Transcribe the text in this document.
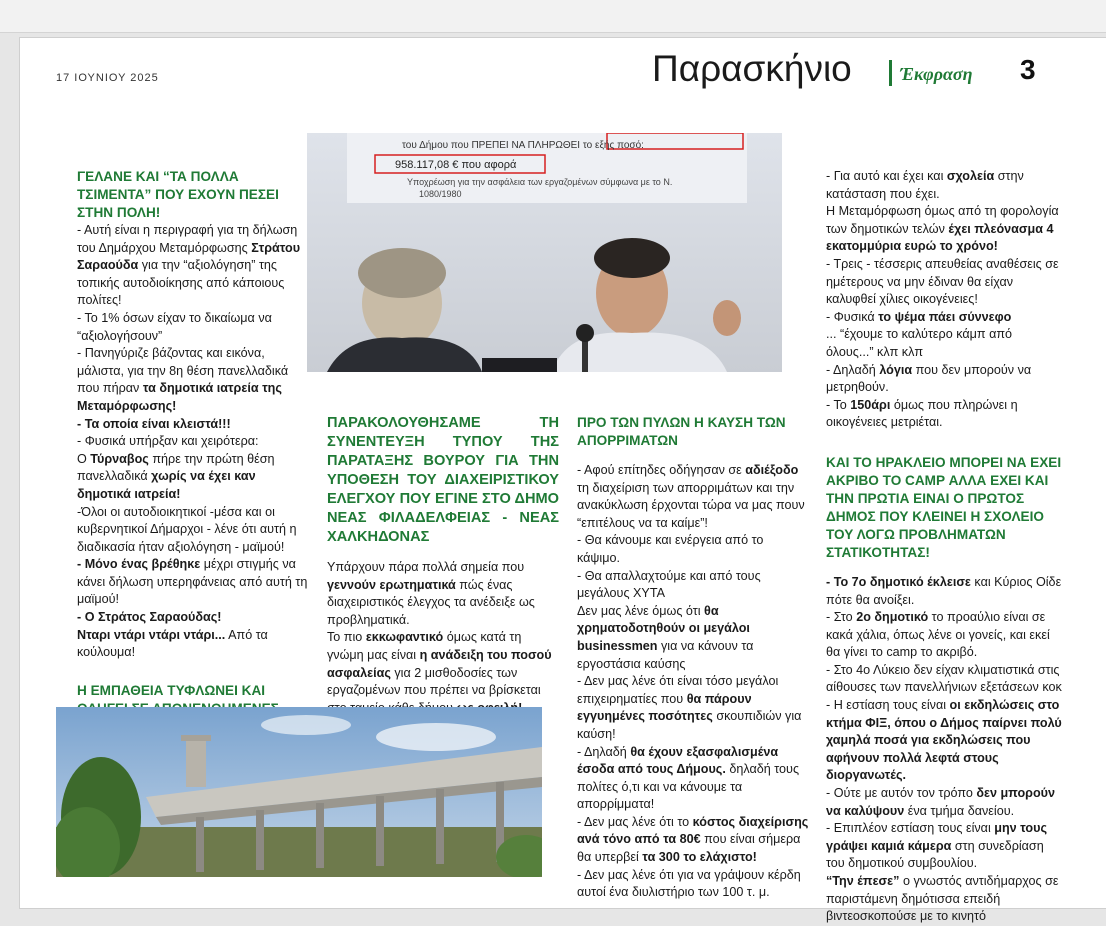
17 ΙΟΥΝΙΟΥ 2025	Παρασκήνιο	Έκφραση 3

ΓΕΛΑΝΕ ΚΑΙ “ΤΑ ΠΟΛΛΑ ΤΣΙΜΕΝΤΑ” ΠΟΥ ΕΧΟΥΝ ΠΕΣΕΙ ΣΤΗΝ ΠΟΛΗ!

- Αυτή είναι η περιγραφή για τη δήλωση του Δημάρχου Μεταμόρφωσης Στράτου Σαραούδα για την “αξιολόγηση” της τοπικής αυτοδιοίκησης από κάποιους πολίτες!

- Το 1% όσων είχαν το δικαίωμα να “αξιολογήσουν”

- Πανηγύριζε βάζοντας και εικόνα, μάλιστα, για την 8η θέση πανελλαδικά που πήραν τα δημοτικά ιατρεία της Μεταμόρφωσης!

- Τα οποία είναι κλειστά!!!

- Φυσικά υπήρξαν και χειρότερα:

Ο Τύρναβος πήρε την πρώτη θέση πανελλαδικά χωρίς να έχει καν δημοτικά ιατρεία!

-Όλοι οι αυτοδιοικητικοί -μέσα και οι κυβερνητικοί Δήμαρχοι - λένε ότι αυτή η διαδικασία ήταν αξιολόγηση - μαϊμού!

- Μόνο ένας βρέθηκε μέχρι στιγμής να κάνει δήλωση υπερηφάνειας από αυτή τη μαϊμού!

- Ο Στράτος Σαραούδας!

Νταρι ντάρι ντάρι ντάρι... Από τα κούλουμα!

Η ΕΜΠΑΘΕΙΑ ΤΥΦΛΩΝΕΙ ΚΑΙ

του Δήμου που ΠΡΕΠΕΙ ΝΑ ΠΛΗΡΩΘΕΙ το εξής ποσό:
958.117,08 € που αφορά
Υποχρέωση για την ασφάλεια των εργαζομένων σύμφωνα με το Ν.
1080/1980

ΠΑΡΑΚΟΛΟΥΘΗΣΑΜΕ ΤΗ ΣΥΝΕΝΤΕΥΞΗ ΤΥΠΟΥ ΤΗΣ ΠΑΡΑΤΑΞΗΣ ΒΟΥΡΟΥ ΓΙΑ ΤΗΝ ΥΠΟΘΕΣΗ ΤΟΥ ΔΙΑΧΕΙΡΙΣΤΙΚΟΥ ΕΛΕΓΧΟΥ ΠΟΥ ΕΓΙΝΕ ΣΤΟ ΔΗΜΟ ΝΕΑΣ ΦΙΛΑΔΕΛΦΕΙΑΣ - ΝΕΑΣ ΧΑΛΚΗΔΟΝΑΣ

Υπάρχουν πάρα πολλά σημεία που γεννούν ερωτηματικά πώς ένας διαχειριστικός έλεγχος τα ανέδειξε ως προβληματικά.

Το πιο εκκωφαντικό όμως κατά τη γνώμη μας είναι η ανάδειξη του ποσού ασφαλείας για 2 μισθοδοσίες των εργαζομένων που πρέπει να βρίσκεται

ΠΡΟ ΤΩΝ ΠΥΛΩΝ Η ΚΑΥΣΗ ΤΩΝ ΑΠΟΡΡΙΜΑΤΩΝ

- Αφού επίτηδες οδήγησαν σε αδιέξοδο τη διαχείριση των απορριμάτων και την ανακύκλωση έρχονται τώρα να μας πουν “επιτέλους να τα καίμε”!

- Θα κάνουμε και ενέργεια από το κάψιμο.

- Θα απαλλαχτούμε και από τους μεγάλους ΧΥΤΑ

Δεν μας λένε όμως ότι θα χρηματοδοτηθούν οι μεγάλοι businessmen για να κάνουν τα εργοστάσια καύσης

- Δεν μας λένε ότι είναι τόσο μεγάλοι επιχειρηματίες που θα πάρουν εγγυημένες ποσότητες σκουπιδιών για καύση!

- Δηλαδή θα έχουν εξασφαλισμένα έσοδα από τους Δήμους. δηλαδή τους πολίτες ό,τι και να κάνουμε τα απορρίμματα!

- Δεν μας λένε ότι το κόστος διαχείρισης ανά τόνο από τα 80€ που είναι σήμερα θα υπερβεί τα 300 το ελάχιστο!

- Δεν μας λένε ότι για να γράψουν κέρδη αυτοί ένα διυλιστήριο των 100 τ. μ.

- Για αυτό και έχει και σχολεία στην κατάσταση που έχει.

Η Μεταμόρφωση όμως από τη φορολογία των δημοτικών τελών έχει πλεόνασμα 4 εκατομμύρια ευρώ το χρόνο!

- Τρεις - τέσσερις απευθείας αναθέσεις σε ημέτερους να μην έδιναν θα είχαν καλυφθεί χίλιες οικογένειες!

- Φυσικά το ψέμα πάει σύννεφο

... “έχουμε το καλύτερο κάμπ από όλους...” κλπ κλπ

- Δηλαδή λόγια που δεν μπορούν να μετρηθούν.

- Το 150άρι όμως που πληρώνει η οικογένειες μετριέται.

ΚΑΙ ΤΟ ΗΡΑΚΛΕΙΟ ΜΠΟΡΕΙ ΝΑ ΕΧΕΙ ΑΚΡΙΒΟ ΤΟ CAMP ΑΛΛΑ ΕΧΕΙ ΚΑΙ ΤΗΝ ΠΡΩΤΙΑ ΕΙΝΑΙ Ο ΠΡΩΤΟΣ ΔΗΜΟΣ ΠΟΥ ΚΛΕΙΝΕΙ Η ΣΧΟΛΕΙΟ ΤΟΥ ΛΟΓΩ ΠΡΟΒΛΗΜΑΤΩΝ ΣΤΑΤΙΚΟΤΗΤΑΣ!

- Το 7ο δημοτικό έκλεισε και Κύριος Οίδε πότε θα ανοίξει.

- Στο 2ο δημοτικό το προαύλιο είναι σε κακά χάλια, όπως λένε οι γονείς, και εκεί θα γίνει το camp το ακριβό.

- Στο 4ο Λύκειο δεν είχαν κλιματιστικά στις αίθουσες των πανελλήνιων εξετάσεων κοκ

- Η εστίαση τους είναι οι εκδηλώσεις στο κτήμα ΦΙΞ, όπου ο Δήμος παίρνει πολύ χαμηλά ποσά για εκδηλώσεις που αφήνουν πολλά λεφτά στους διοργανωτές.

- Ούτε με αυτόν τον τρόπο δεν μπορούν να καλύψουν ένα τμήμα δανείου.

- Επιπλέον εστίαση τους είναι μην τους γράψει καμιά κάμερα στη συνεδρίαση του δημοτικού συμβουλίου.

“Την έπεσε” ο γνωστός αντιδήμαρχος σε παριστάμενη δημότισσα επειδή βιντεοσκοπούσε με το κινητό
